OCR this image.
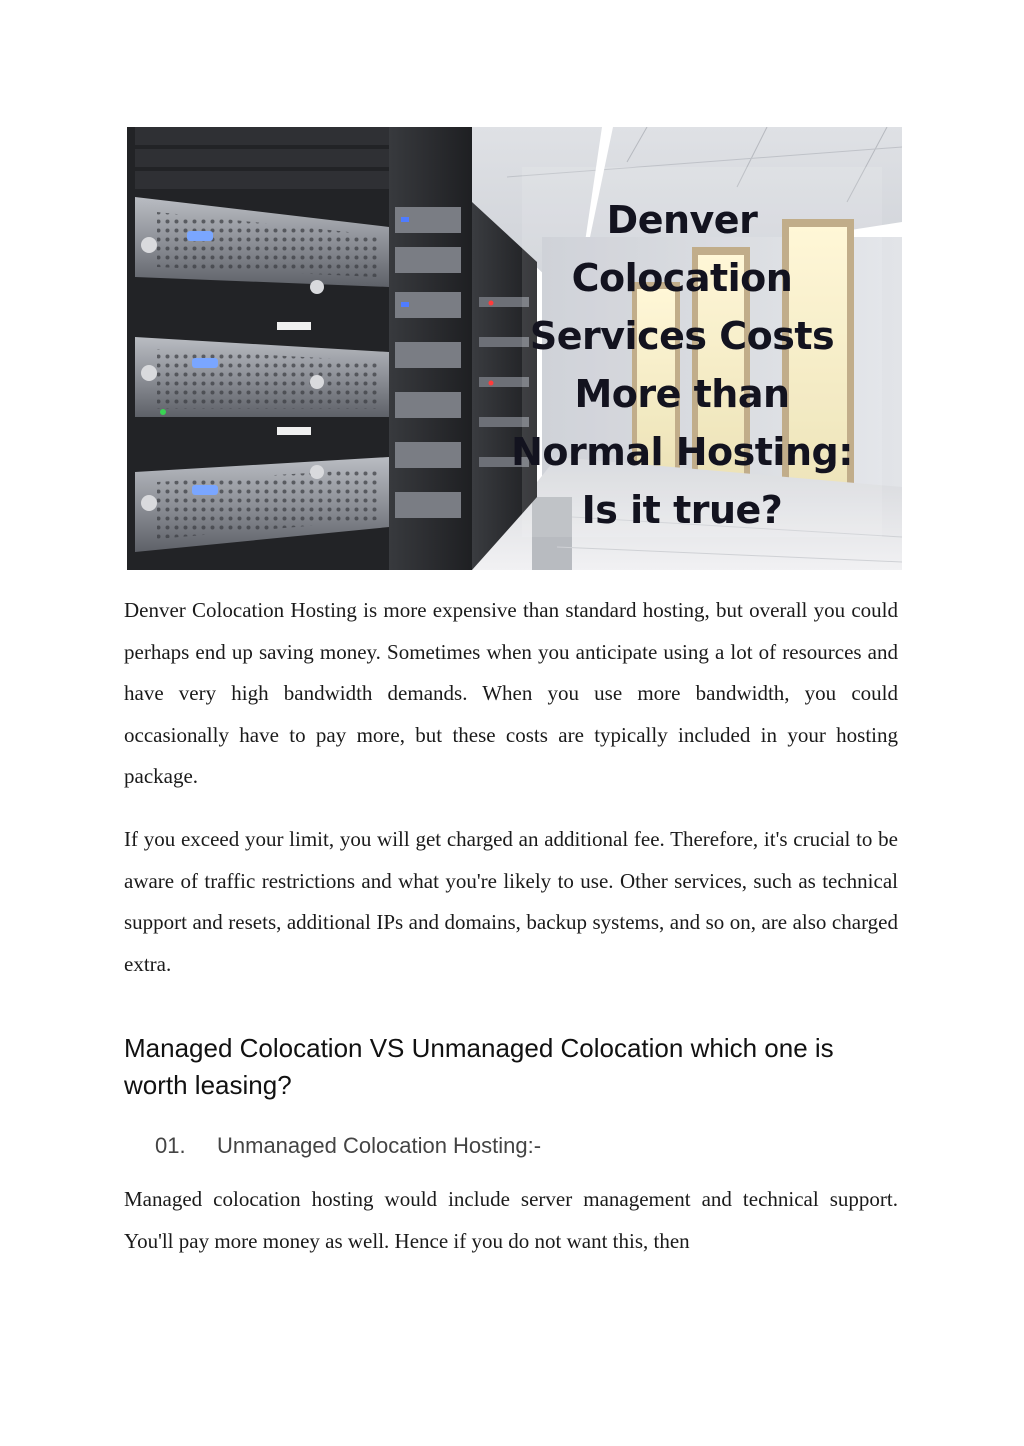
Denver
Colocation
Services Costs
More than
Normal Hosting:
Is it true?

Denver Colocation Hosting is more expensive than standard hosting, but overall you could perhaps end up saving money. Sometimes when you anticipate using a lot of resources and have very high bandwidth demands. When you use more bandwidth, you could occasionally have to pay more, but these costs are typically included in your hosting package.

If you exceed your limit, you will get charged an additional fee. Therefore, it's crucial to be aware of traffic restrictions and what you're likely to use. Other services, such as technical support and resets, additional IPs and domains, backup systems, and so on, are also charged extra.

Managed Colocation VS Unmanaged Colocation which one is worth leasing?
01. Unmanaged Colocation Hosting:-

Managed colocation hosting would include server management and technical support. You'll pay more money as well. Hence if you do not want this, then
